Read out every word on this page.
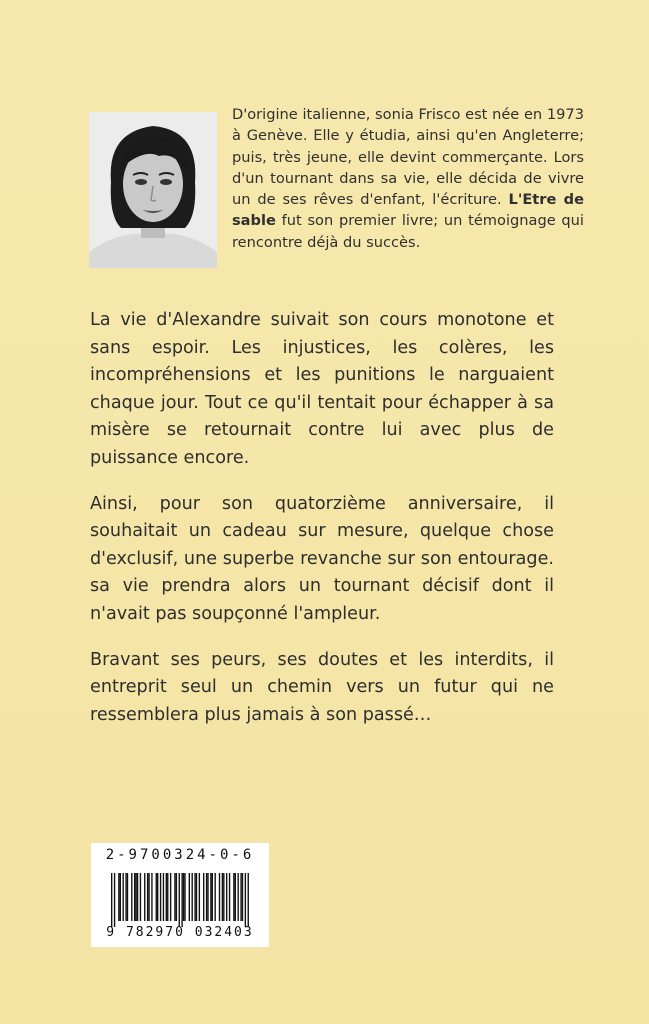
D'origine italienne, sonia Frisco est née en 1973 à Genève. Elle y étudia, ainsi qu'en Angleterre; puis, très jeune, elle devint commerçante. Lors d'un tournant dans sa vie, elle décida de vivre un de ses rêves d'enfant, l'écriture. L'Etre de sable fut son premier livre; un témoignage qui rencontre déjà du succès.

La vie d'Alexandre suivait son cours monotone et sans espoir. Les injustices, les colères, les incompréhensions et les punitions le narguaient chaque jour. Tout ce qu'il tentait pour échapper à sa misère se retournait contre lui avec plus de puissance encore.

Ainsi, pour son quatorzième anniversaire, il souhaitait un cadeau sur mesure, quelque chose d'exclusif, une superbe revanche sur son entourage. sa vie prendra alors un tournant décisif dont il n'avait pas soupçonné l'ampleur.

Bravant ses peurs, ses doutes et les interdits, il entreprit seul un chemin vers un futur qui ne ressemblera plus jamais à son passé…

2-9700324-0-6
9 782970 032403
